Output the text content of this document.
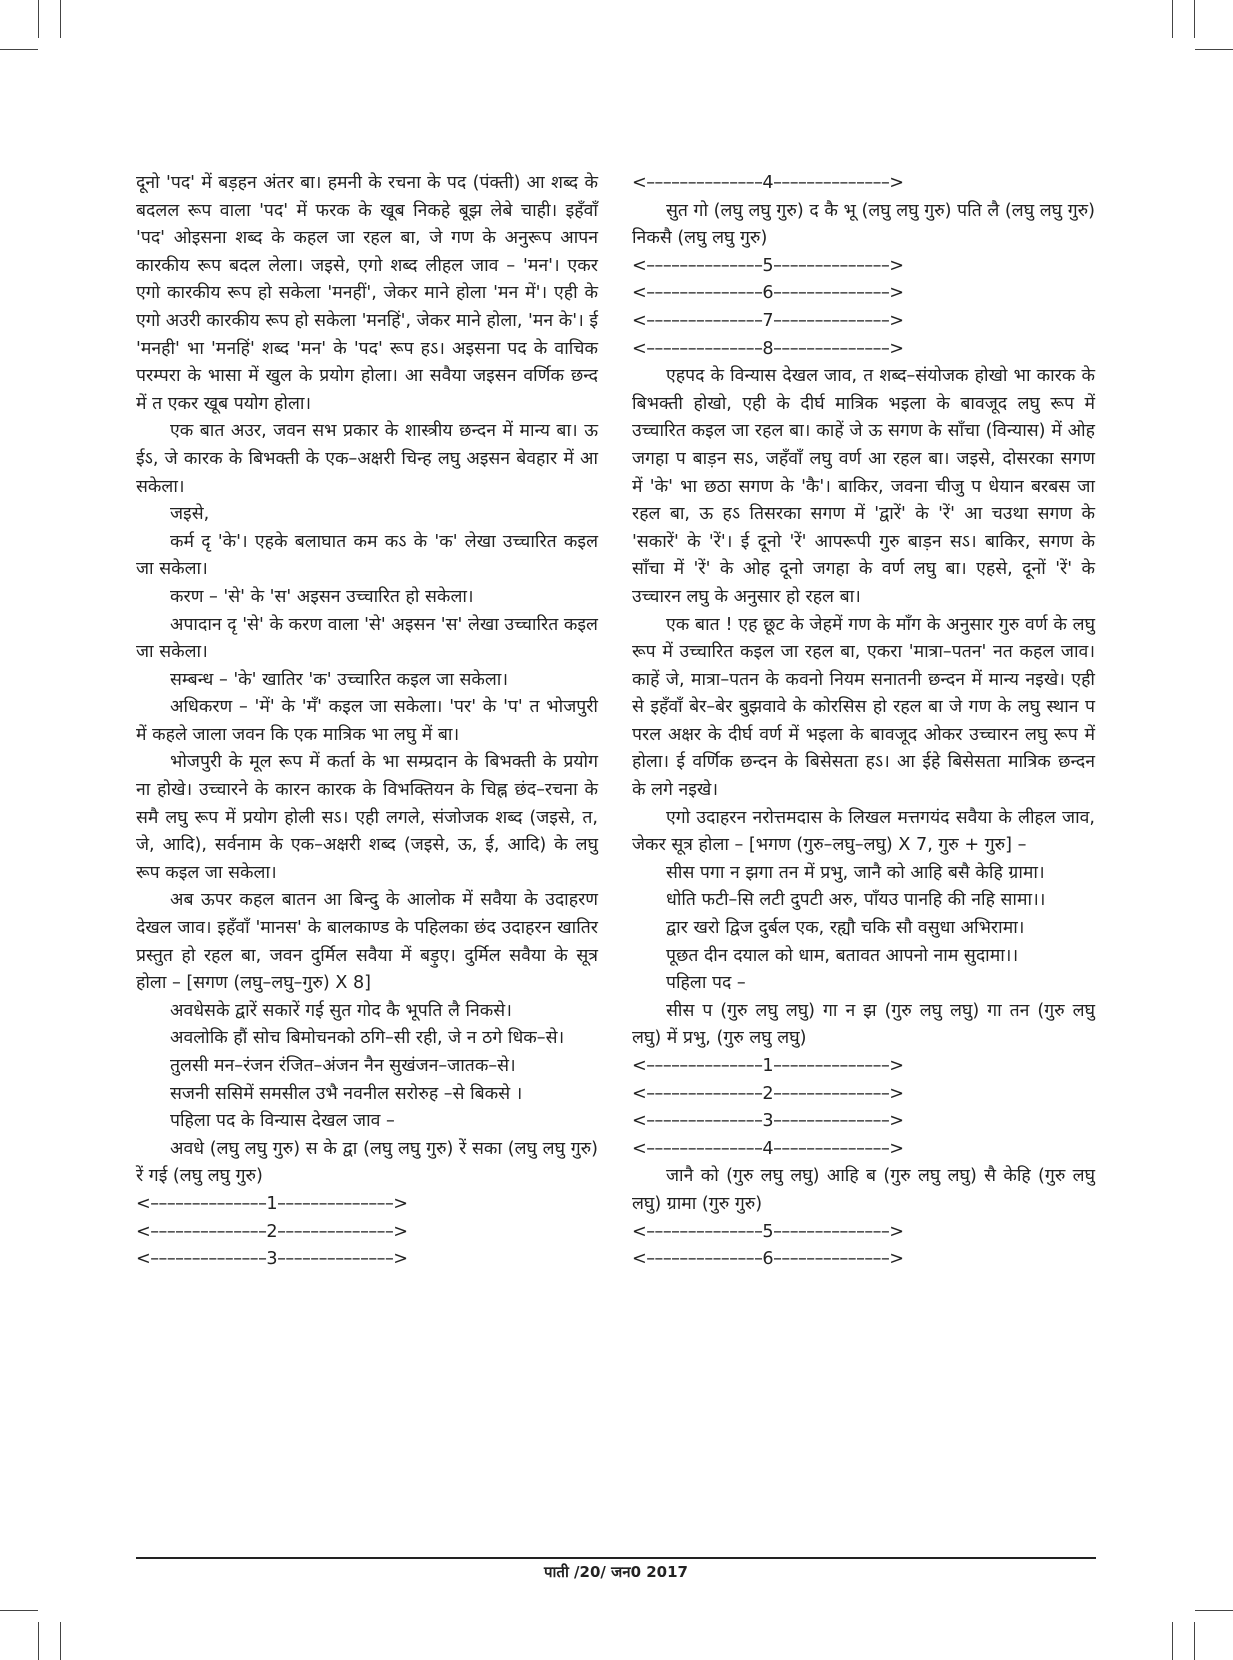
दूनो 'पद' में बड़हन अंतर बा। हमनी के रचना के पद (पंक्ती) आ शब्द के बदलल रूप वाला 'पद' में फरक के खूब निकहे बूझ लेबे चाही। इहँवाँ 'पद' ओइसना शब्द के कहल जा रहल बा, जे गण के अनुरूप आपन कारकीय रूप बदल लेला। जइसे, एगो शब्द लीहल जाव – 'मन'। एकर एगो कारकीय रूप हो सकेला 'मनहीं', जेकर माने होला 'मन में'। एही के एगो अउरी कारकीय रूप हो सकेला 'मनहिं', जेकर माने होला, 'मन के'। ई 'मनही' भा 'मनहिं' शब्द 'मन' के 'पद' रूप हऽ। अइसना पद के वाचिक परम्परा के भासा में खुल के प्रयोग होला। आ सवैया जइसन वर्णिक छन्द में त एकर खूब पयोग होला।

एक बात अउर, जवन सभ प्रकार के शास्त्रीय छन्दन में मान्य बा। ऊ ईऽ, जे कारक के बिभक्ती के एक–अक्षरी चिन्ह लघु अइसन बेवहार में आ सकेला।

जइसे,

कर्म दृ 'के'। एहके बलाघात कम कऽ के 'क' लेखा उच्चारित कइल जा सकेला।

करण – 'से' के 'स' अइसन उच्चारित हो सकेला।

अपादान दृ 'से' के करण वाला 'से' अइसन 'स' लेखा उच्चारित कइल जा सकेला।

सम्बन्ध – 'के' खातिर 'क' उच्चारित कइल जा सकेला।

अधिकरण – 'में' के 'मँ' कइल जा सकेला। 'पर' के 'प' त भोजपुरी में कहले जाला जवन कि एक मात्रिक भा लघु में बा।

भोजपुरी के मूल रूप में कर्ता के भा सम्प्रदान के बिभक्ती के प्रयोग ना होखे। उच्चारने के कारन कारक के विभक्तियन के चिह्न छंद–रचना के समै लघु रूप में प्रयोग होली सऽ। एही लगले, संजोजक शब्द (जइसे, त, जे, आदि), सर्वनाम के एक–अक्षरी शब्द (जइसे, ऊ, ई, आदि) के लघु रूप कइल जा सकेला।

अब ऊपर कहल बातन आ बिन्दु के आलोक में सवैया के उदाहरण देखल जाव। इहँवाँ 'मानस' के बालकाण्ड के पहिलका छंद उदाहरन खातिर प्रस्तुत हो रहल बा, जवन दुर्मिल सवैया में बड़ुए। दुर्मिल सवैया के सूत्र होला – [सगण (लघु–लघु–गुरु) X 8]

अवधेसके द्वारें सकारें गई सुत गोद कै भूपति लै निकसे।

अवलोकि हौं सोच बिमोचनको ठगि–सी रही, जे न ठगे धिक–से।

तुलसी मन–रंजन रंजित–अंजन नैन सुखंजन–जातक–से।

सजनी ससिमें समसील उभै नवनील सरोरुह –से बिकसे ।

पहिला पद के विन्यास देखल जाव –

अवधे (लघु लघु गुरु) स के द्वा (लघु लघु गुरु) रें सका (लघु लघु गुरु) रें गई (लघु लघु गुरु)

<––––––––––––––1––––––––––––––>
<––––––––––––––2––––––––––––––>
<––––––––––––––3––––––––––––––>
<––––––––––––––4––––––––––––––>

सुत गो (लघु लघु गुरु) द कै भू (लघु लघु गुरु) पति लै (लघु लघु गुरु) निकसै (लघु लघु गुरु)

<––––––––––––––5––––––––––––––>
<––––––––––––––6––––––––––––––>
<––––––––––––––7––––––––––––––>
<––––––––––––––8––––––––––––––>

एहपद के विन्यास देखल जाव, त शब्द–संयोजक होखो भा कारक के बिभक्ती होखो, एही के दीर्घ मात्रिक भइला के बावजूद लघु रूप में उच्चारित कइल जा रहल बा। काहें जे ऊ सगण के साँचा (विन्यास) में ओह जगहा प बाड़न सऽ, जहँवाँ लघु वर्ण आ रहल बा। जइसे, दोसरका सगण में 'के' भा छठा सगण के 'कै'। बाकिर, जवना चीजु प धेयान बरबस जा रहल बा, ऊ हऽ तिसरका सगण में 'द्वारें' के 'रें' आ चउथा सगण के 'सकारें' के 'रें'। ई दूनो 'रें' आपरूपी गुरु बाड़न सऽ। बाकिर, सगण के साँचा में 'रें' के ओह दूनो जगहा के वर्ण लघु बा। एहसे, दूनों 'रें' के उच्चारन लघु के अनुसार हो रहल बा।

एक बात ! एह छूट के जेहमें गण के माँग के अनुसार गुरु वर्ण के लघु रूप में उच्चारित कइल जा रहल बा, एकरा 'मात्रा–पतन' नत कहल जाव। काहें जे, मात्रा–पतन के कवनो नियम सनातनी छन्दन में मान्य नइखे। एही से इहँवाँ बेर–बेर बुझवावे के कोरसिस हो रहल बा जे गण के लघु स्थान प परल अक्षर के दीर्घ वर्ण में भइला के बावजूद ओकर उच्चारन लघु रूप में होला। ई वर्णिक छन्दन के बिसेसता हऽ। आ ईहे बिसेसता मात्रिक छन्दन के लगे नइखे।

एगो उदाहरन नरोत्तमदास के लिखल मत्तगयंद सवैया के लीहल जाव, जेकर सूत्र होला – [भगण (गुरु–लघु–लघु) X 7, गुरु + गुरु] –

सीस पगा न झगा तन में प्रभु, जानै को आहि बसै केहि ग्रामा।

धोति फटी–सि लटी दुपटी अरु, पाँयउ पानहि की नहि सामा।।

द्वार खरो द्विज दुर्बल एक, रह्यौ चकि सौ वसुधा अभिरामा।

पूछत दीन दयाल को धाम, बतावत आपनो नाम सुदामा।।

पहिला पद –

सीस प (गुरु लघु लघु) गा न झ (गुरु लघु लघु) गा तन (गुरु लघु लघु) में प्रभु, (गुरु लघु लघु)

<––––––––––––––1––––––––––––––>
<––––––––––––––2––––––––––––––>
<––––––––––––––3––––––––––––––>
<––––––––––––––4––––––––––––––>

जानै को (गुरु लघु लघु) आहि ब (गुरु लघु लघु) सै केहि (गुरु लघु लघु) ग्रामा (गुरु गुरु)

<––––––––––––––5––––––––––––––>
<––––––––––––––6––––––––––––––>
पाती /20/ जन0 2017
